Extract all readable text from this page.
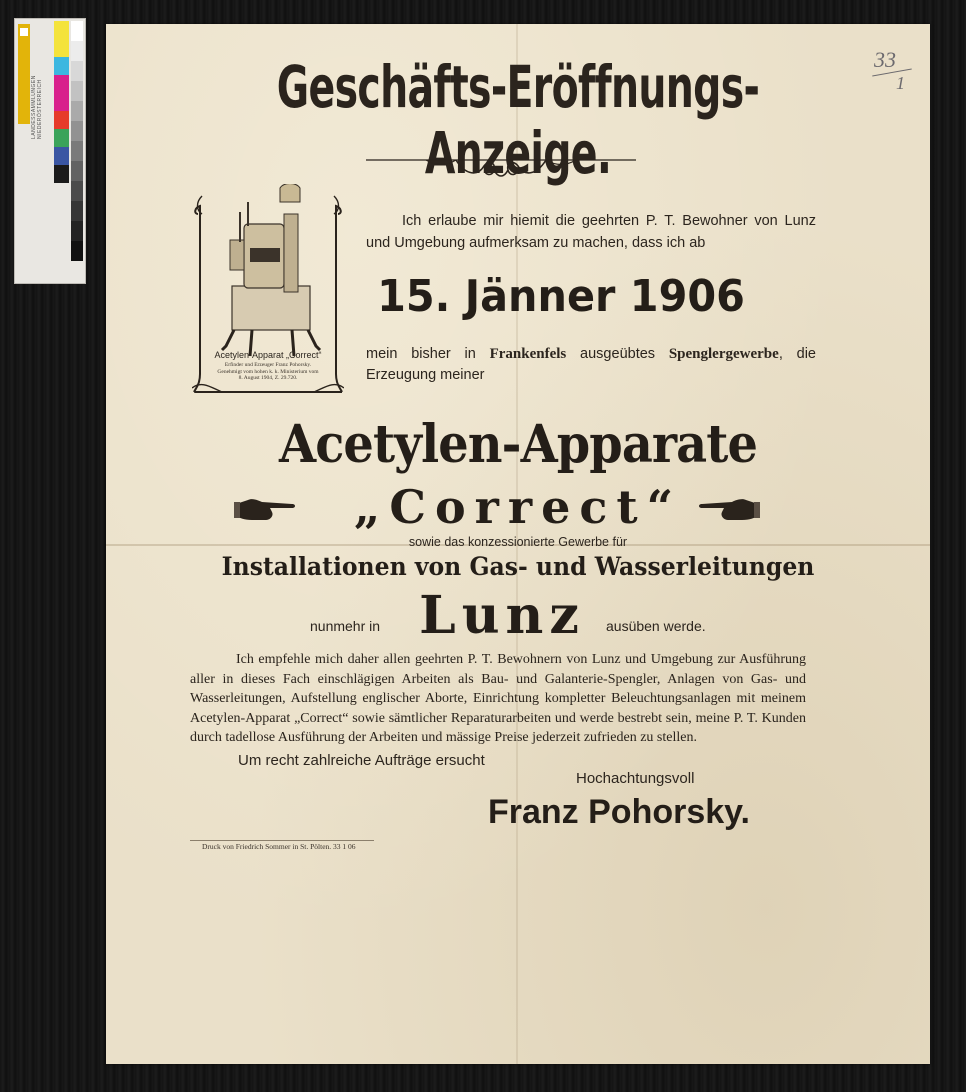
LANDESSAMMLUNGEN NIEDERÖSTERREICH
33
1
Geschäfts-Eröffnungs-Anzeige.
Acetylen-Apparat „Correct“
Erfinder und Erzeuger Franz Pohorsky.
Genehmigt vom hohen k. k. Ministerium vom
8. August 1904, Z. 29.720.
Ich erlaube mir hiemit die geehrten P. T. Bewohner von Lunz und Umgebung aufmerksam zu machen, dass ich ab
15. Jänner 1906
mein bisher in Frankenfels ausgeübtes Spenglergewerbe, die Erzeugung meiner
Acetylen-Apparate
„Correct“
sowie das konzessionierte Gewerbe für
Installationen von Gas- und Wasserleitungen
nunmehr in Lunz	ausüben werde.
Ich empfehle mich daher allen geehrten P. T. Bewohnern von Lunz und Umgebung zur Ausführung aller in dieses Fach einschlägigen Arbeiten als Bau- und Galanterie-Spengler, Anlagen von Gas- und Wasserleitungen, Aufstellung englischer Aborte, Einrichtung kompletter Beleuchtungsanlagen mit meinem Acetylen-Apparat „Correct“ sowie sämtlicher Reparaturarbeiten und werde bestrebt sein, meine P. T. Kunden durch tadellose Ausführung der Arbeiten und mässige Preise jederzeit zufrieden zu stellen.
Um recht zahlreiche Aufträge ersucht
Hochachtungsvoll
Franz Pohorsky.
Druck von Friedrich Sommer in St. Pölten. 33 1 06
